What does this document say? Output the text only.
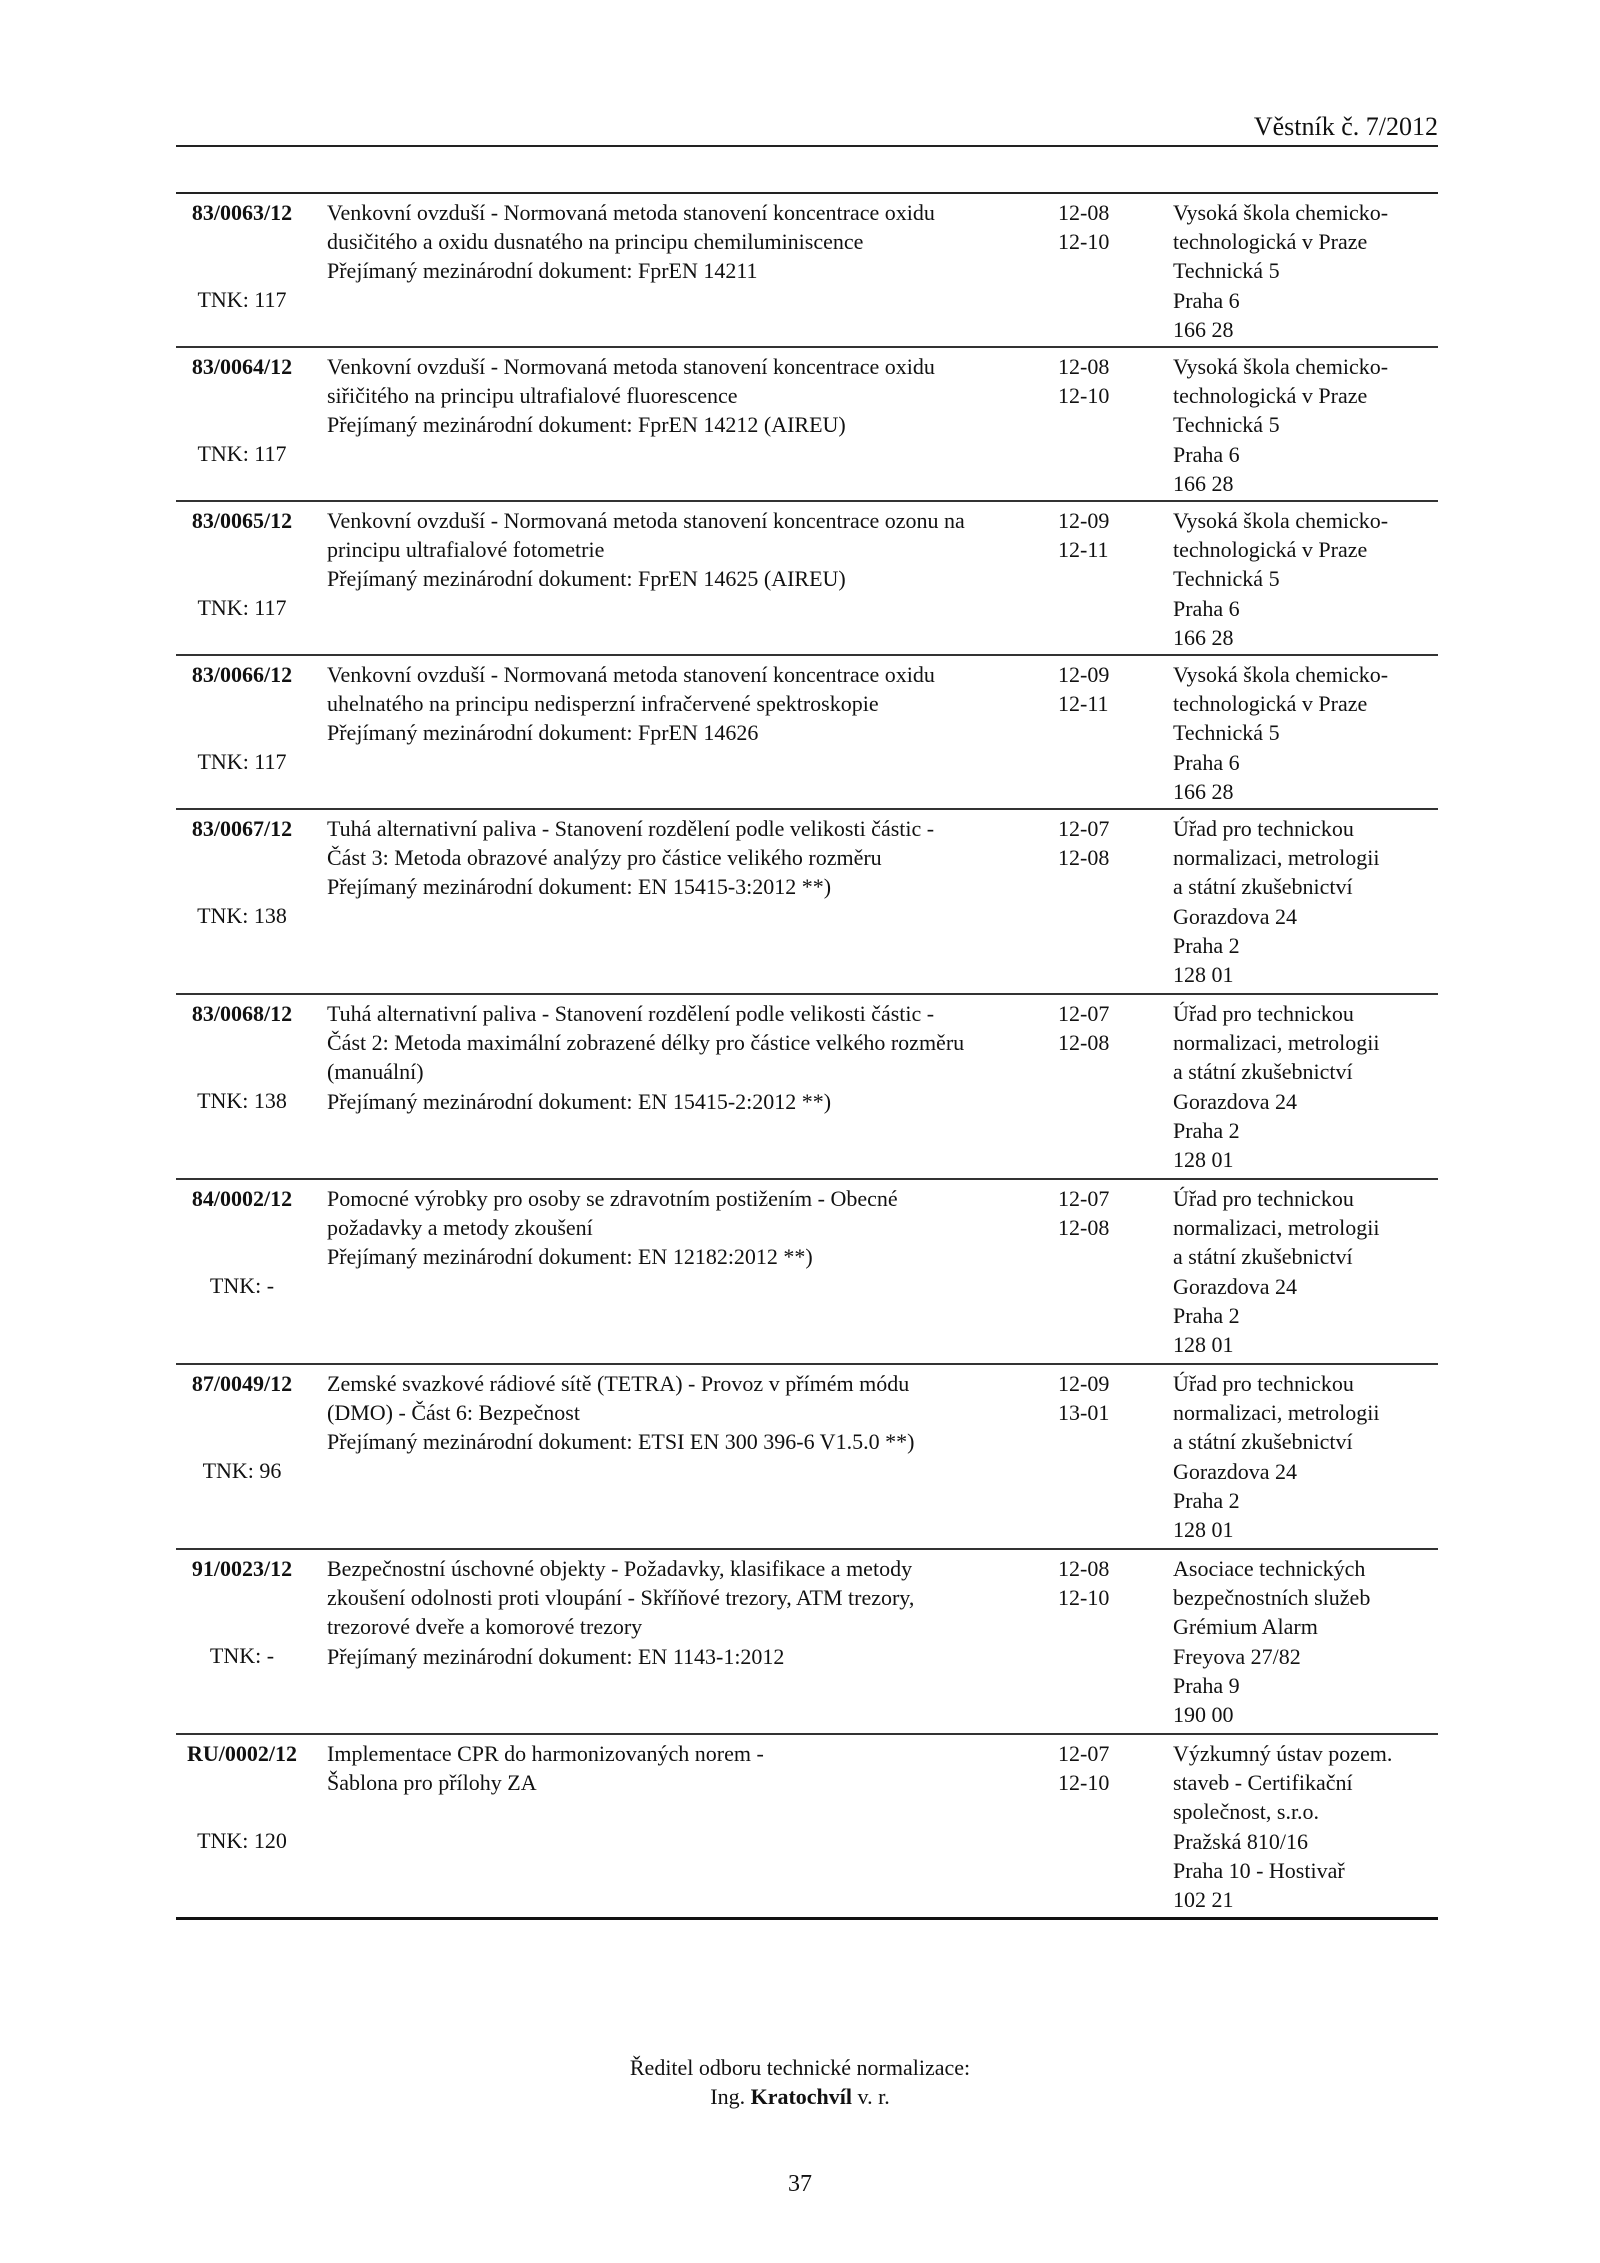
Věstník č. 7/2012
83/0063/12
TNK: 117
Venkovní ovzduší - Normovaná metoda stanovení koncentrace oxidu
dusičitého a oxidu dusnatého na principu chemiluminiscence
Přejímaný mezinárodní dokument: FprEN 14211
12-08
12-10
Vysoká škola chemicko-
technologická v Praze
Technická 5
Praha 6
166 28
83/0064/12
TNK: 117
Venkovní ovzduší - Normovaná metoda stanovení koncentrace oxidu
siřičitého na principu ultrafialové fluorescence
Přejímaný mezinárodní dokument: FprEN 14212 (AIREU)
12-08
12-10
Vysoká škola chemicko-
technologická v Praze
Technická 5
Praha 6
166 28
83/0065/12
TNK: 117
Venkovní ovzduší - Normovaná metoda stanovení koncentrace ozonu na
principu ultrafialové fotometrie
Přejímaný mezinárodní dokument: FprEN 14625 (AIREU)
12-09
12-11
Vysoká škola chemicko-
technologická v Praze
Technická 5
Praha 6
166 28
83/0066/12
TNK: 117
Venkovní ovzduší - Normovaná metoda stanovení koncentrace oxidu
uhelnatého na principu nedisperzní infračervené spektroskopie
Přejímaný mezinárodní dokument: FprEN 14626
12-09
12-11
Vysoká škola chemicko-
technologická v Praze
Technická 5
Praha 6
166 28
83/0067/12
TNK: 138
Tuhá alternativní paliva - Stanovení rozdělení podle velikosti částic -
Část 3: Metoda obrazové analýzy pro částice velikého rozměru
Přejímaný mezinárodní dokument: EN 15415-3:2012 **)
12-07
12-08
Úřad pro technickou
normalizaci, metrologii
a státní zkušebnictví
Gorazdova 24
Praha 2
128 01
83/0068/12
TNK: 138
Tuhá alternativní paliva - Stanovení rozdělení podle velikosti částic -
Část 2: Metoda maximální zobrazené délky pro částice velkého rozměru
(manuální)
Přejímaný mezinárodní dokument: EN 15415-2:2012 **)
12-07
12-08
Úřad pro technickou
normalizaci, metrologii
a státní zkušebnictví
Gorazdova 24
Praha 2
128 01
84/0002/12
TNK: -
Pomocné výrobky pro osoby se zdravotním postižením - Obecné
požadavky a metody zkoušení
Přejímaný mezinárodní dokument: EN 12182:2012 **)
12-07
12-08
Úřad pro technickou
normalizaci, metrologii
a státní zkušebnictví
Gorazdova 24
Praha 2
128 01
87/0049/12
TNK: 96
Zemské svazkové rádiové sítě (TETRA) - Provoz v přímém módu
(DMO) - Část 6: Bezpečnost
Přejímaný mezinárodní dokument: ETSI EN 300 396-6 V1.5.0 **)
12-09
13-01
Úřad pro technickou
normalizaci, metrologii
a státní zkušebnictví
Gorazdova 24
Praha 2
128 01
91/0023/12
TNK: -
Bezpečnostní úschovné objekty - Požadavky, klasifikace a metody
zkoušení odolnosti proti vloupání - Skříňové trezory, ATM trezory,
trezorové dveře a komorové trezory
Přejímaný mezinárodní dokument: EN 1143-1:2012
12-08
12-10
Asociace technických
bezpečnostních služeb
Grémium Alarm
Freyova 27/82
Praha 9
190 00
RU/0002/12
TNK: 120
Implementace CPR do harmonizovaných norem -
Šablona pro přílohy ZA
12-07
12-10
Výzkumný ústav pozem.
staveb - Certifikační
společnost, s.r.o.
Pražská 810/16
Praha 10 - Hostivař
102 21
Ředitel odboru technické normalizace:
Ing. Kratochvíl v. r.
37
